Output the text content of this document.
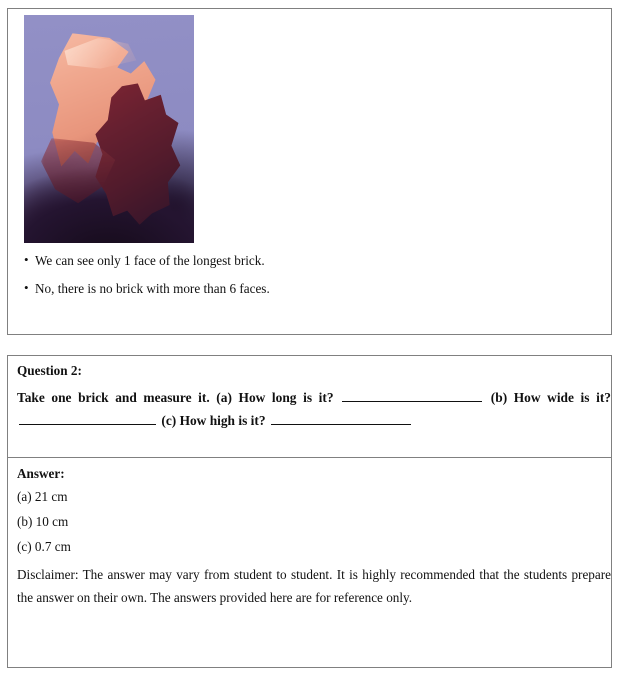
• We can see only 1 face of the longest brick.

• No, there is no brick with more than 6 faces.

Question 2:
Take one brick and measure it. (a) How long is it?	(b) How wide is it?  (c) How high is it?
Answer:

(a) 21 cm

(b) 10 cm

(c) 0.7 cm

Disclaimer: The answer may vary from student to student. It is highly recommended that the students prepare the answer on their own. The answers provided here are for reference only.
